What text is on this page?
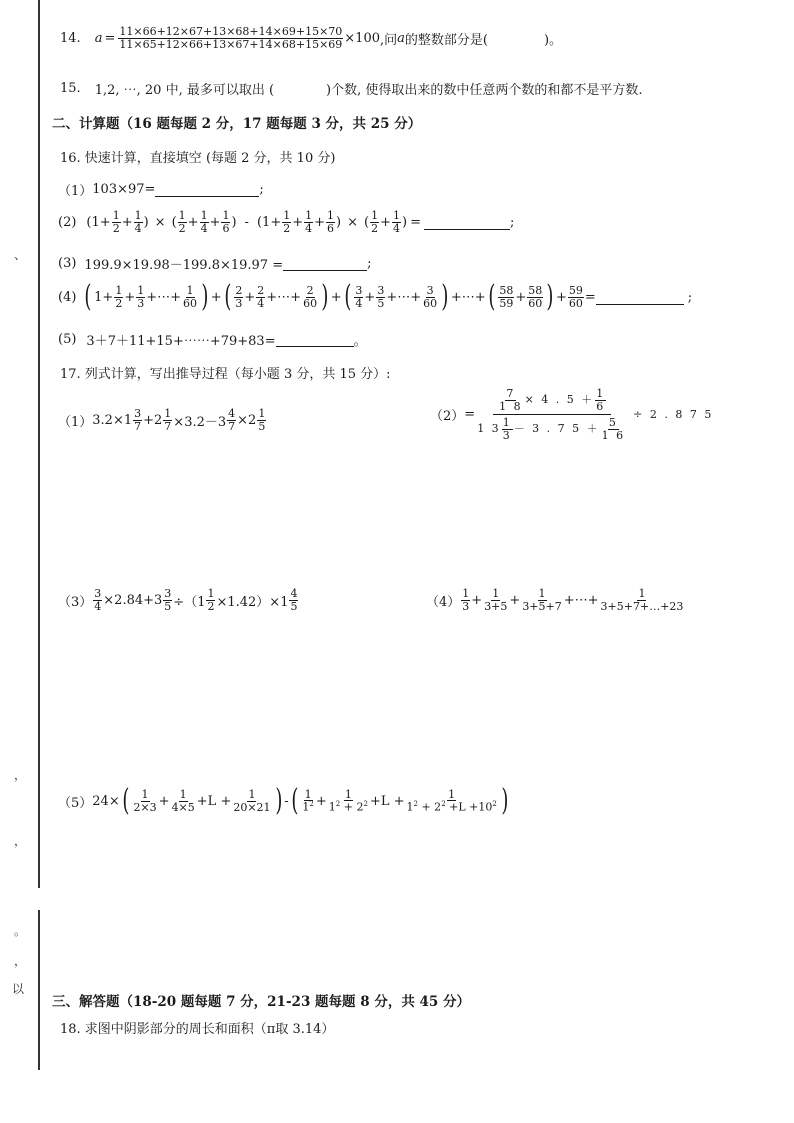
、
，
，
。
，
以
14. $a = \frac{11\times 66+12\times 67+13\times 68+14\times 69+15\times 70}{11\times 65+12\times 66+13\times 67+14\times 68+15\times 69} \times 100$ ,问 a 的整数部分是(	)。
15. 1,2, ⋯, 20 中, 最多可以取出 (	)个数, 使得取出来的数中任意两个数的和都不是平方数.
二、计算题（16 题每题 2 分，17 题每题 3 分，共 25 分）
16. 快速计算，直接填空 (每题 2 分，共 10 分)
（1） 103×97=	;
(2) ( $1 + \frac{1}{2} + \frac{1}{4}$ ) × ( $\frac{1}{2} + \frac{1}{4} + \frac{1}{6}$ ) - ( $1 + \frac{1}{2} + \frac{1}{4} + \frac{1}{6}$ ) × ( $\frac{1}{2} + \frac{1}{4}$ ) =	;
(3) 199.9×19.98－199.8×19.97 =	;
(4) ( $1 + \frac{1}{2} + \frac{1}{3}$ +⋯+ $\frac{1}{60}$ ) + ( $\frac{2}{3} + \frac{2}{4}$ +⋯+ $\frac{2}{60}$ ) + ( $\frac{3}{4} + \frac{3}{5}$ +⋯+ $\frac{3}{60}$ ) +⋯+ ( $\frac{58}{59} + \frac{58}{60}$ ) + $\frac{59}{60}$ =	;
(5) 3＋7＋11+15+⋯⋯+79+83=	。
17. 列式计算，写出推导过程（每小题 3 分，共 15 分）:
（1） $3.2\times 1 \frac{3}{7} +2 \frac{1}{7} \times 3.2-3 \frac{4}{7} \times 2 \frac{1}{5}$	$(2) = \frac{\frac{7}{1 8} \times 4 . 5 + \frac{1}{6}}{1 3 \frac{1}{3} - 3 . 7 5 + \frac{5}{1 6}} \div 2$ . 8 7 5
$(3) \frac{3}{4} \times 2.84+3 \frac{3}{5} \div(1 \frac{1}{2} \times 1.42)\times 1 \frac{4}{5}$	$(4) \frac{1}{3} + \frac{1}{3+5} + \frac{1}{3+5+7}$ +⋯+ $\frac{1}{3+5+7+\dots+23}$
（5） 24× ( $\frac{1}{2\times 3} + \frac{1}{4\times 5} +L + \frac{1}{20\times 21}$ ) - ( $\frac{1}{1^2} + \frac{1}{1^2 + 2^2} +L + \frac{1}{1^2 + 2^2 +L +10^2}$ )
三、解答题（18-20 题每题 7 分，21-23 题每题 8 分，共 45 分）
18. 求图中阴影部分的周长和面积（π取 3.14）
